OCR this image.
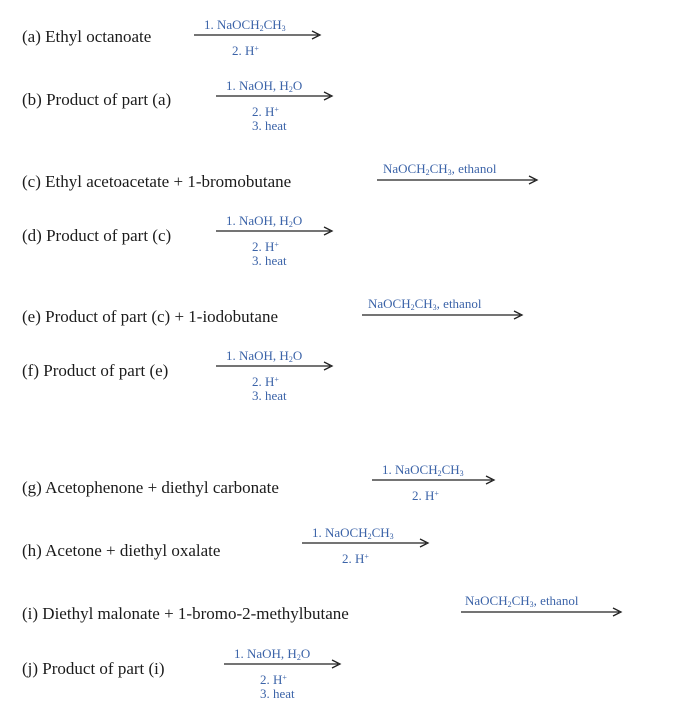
(a) Ethyl octanoate
1. $NaOCH_2CH_3$
2. H+
(b) Product of part (a)
1. NaOH, $H_2O$
2. H+
3. heat
(c) Ethyl acetoacetate + 1-bromobutane
$NaOCH_2CH_3$, ethanol
(d) Product of part (c)
1. NaOH, $H_2O$
2. H+
3. heat
(e) Product of part (c) + 1-iodobutane
$NaOCH_2CH_3$, ethanol
(f) Product of part (e)
1. NaOH, $H_2O$
2. H+
3. heat
(g) Acetophenone + diethyl carbonate
1. $NaOCH_2CH_3$
2. H+
(h) Acetone + diethyl oxalate
1. $NaOCH_2CH_3$
2. H+
(i) Diethyl malonate + 1-bromo-2-methylbutane
$NaOCH_2CH_3$, ethanol
(j) Product of part (i)
1. NaOH, $H_2O$
2. H+
3. heat
